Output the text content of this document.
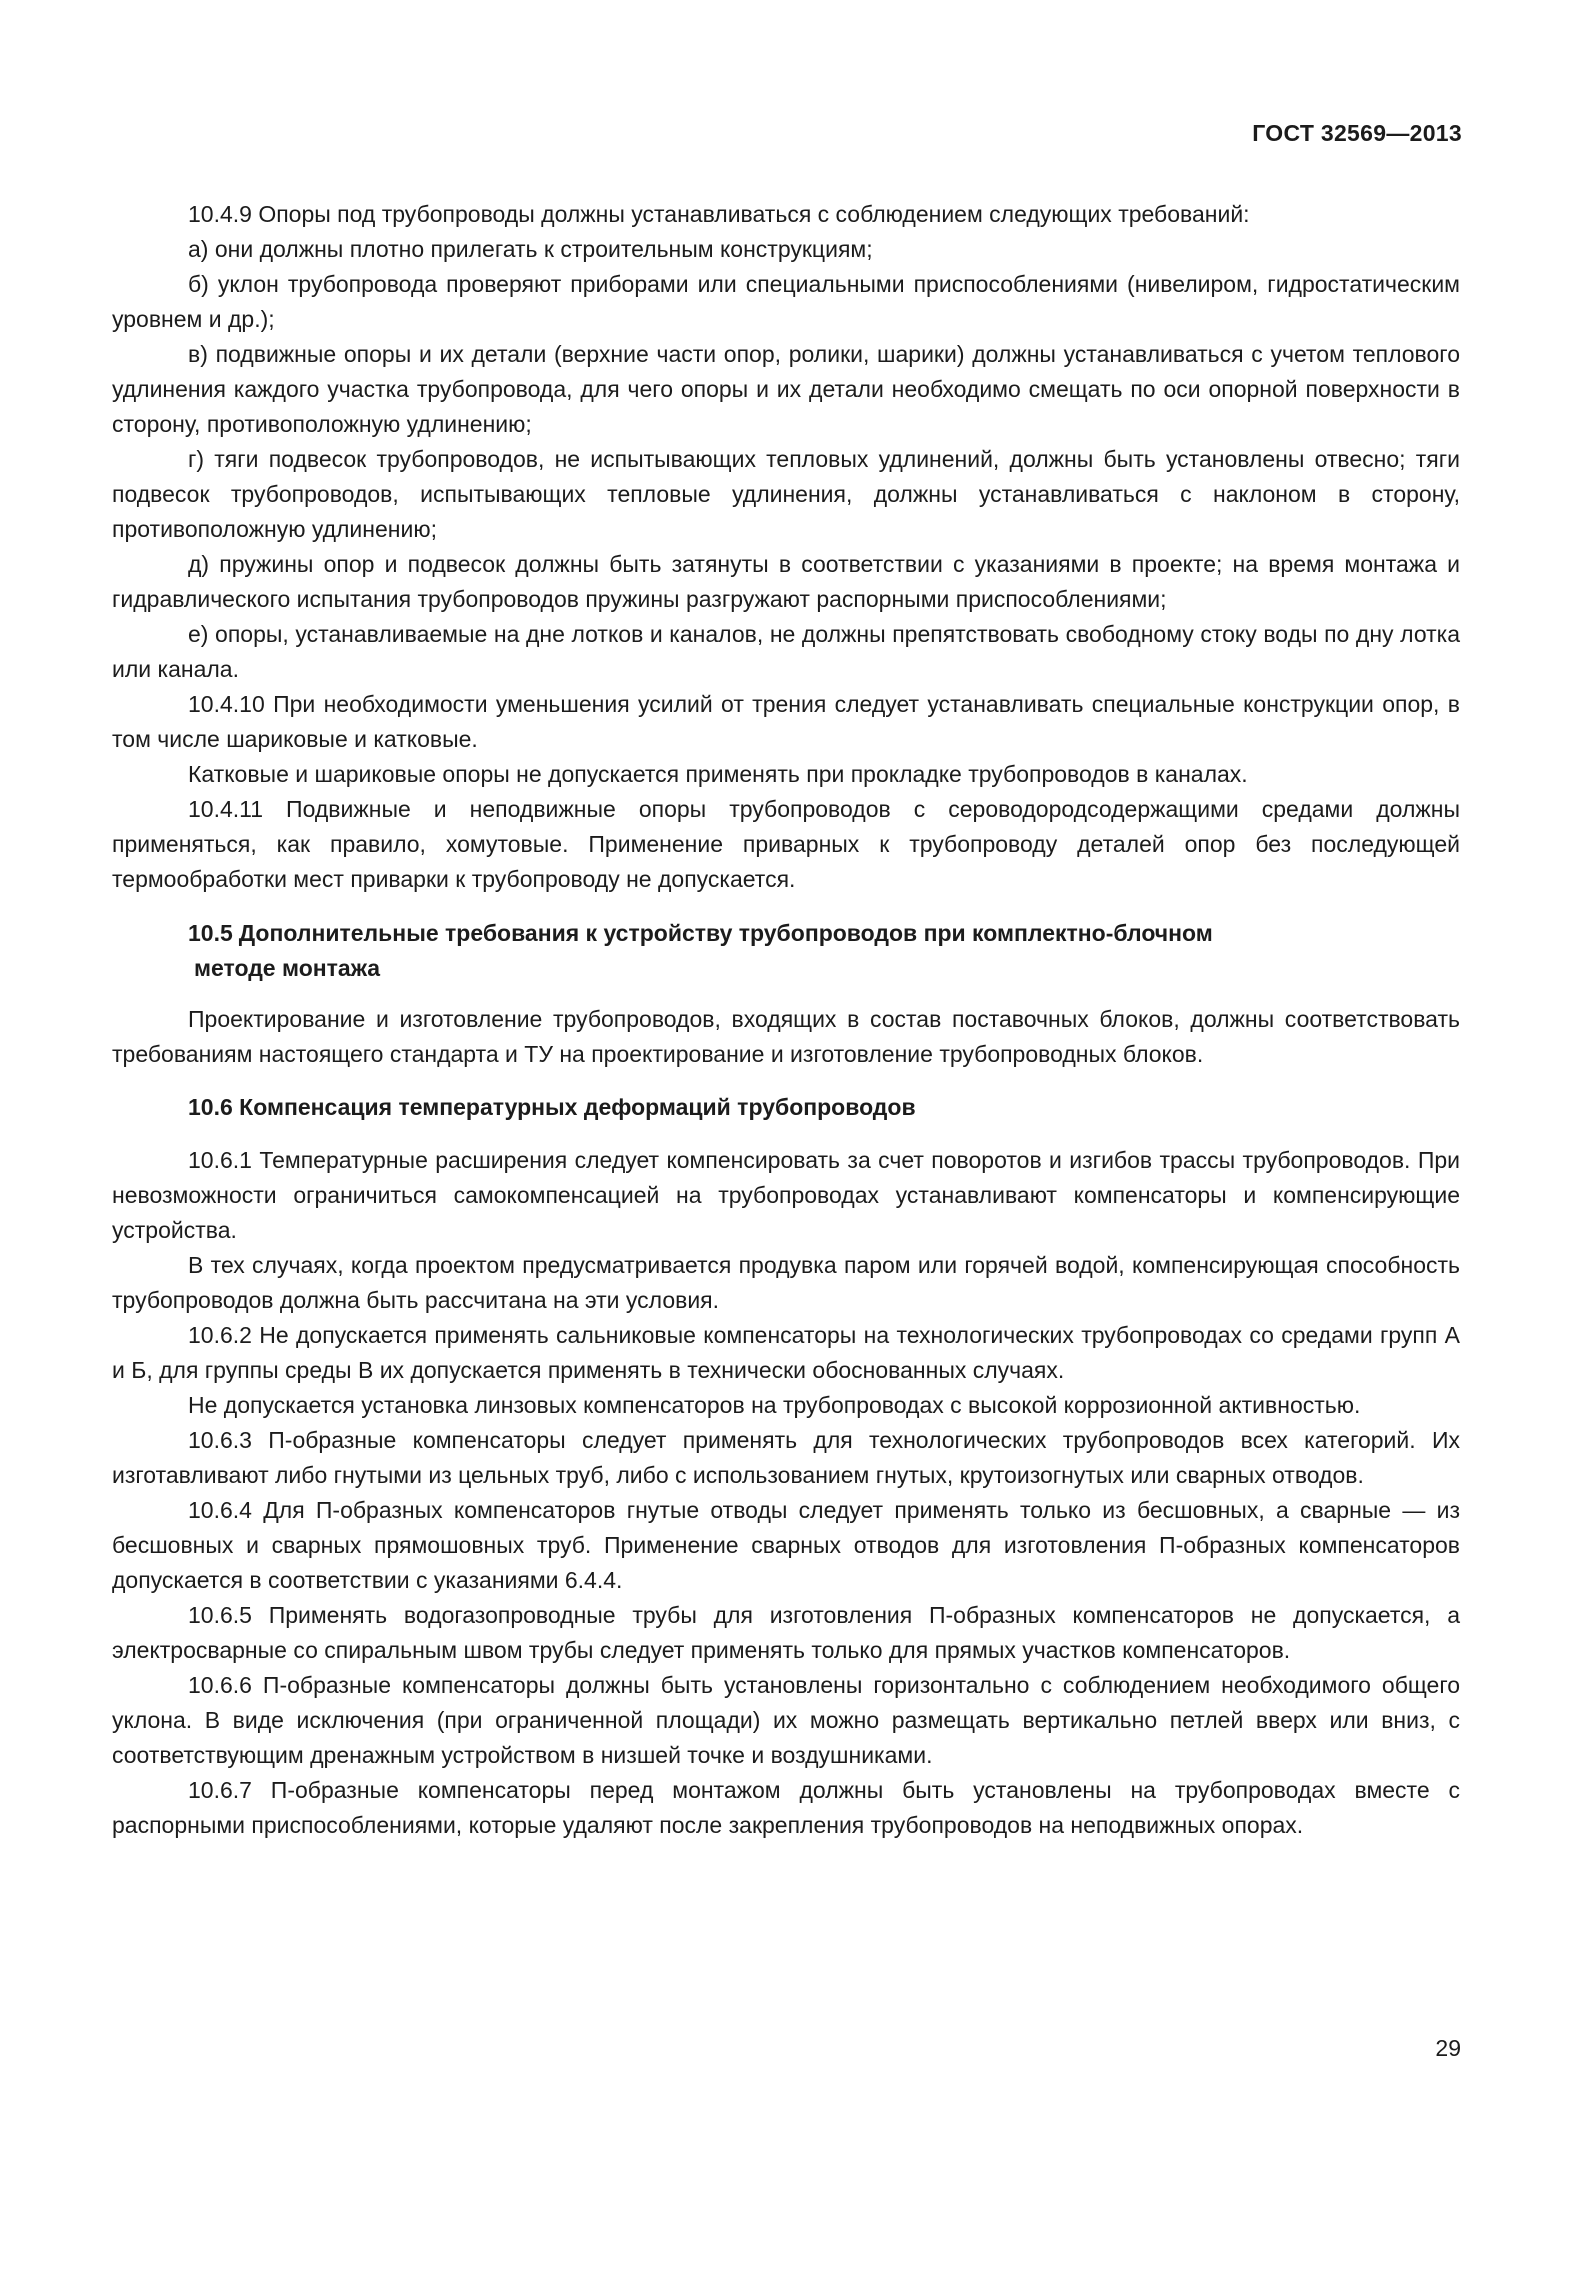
ГОСТ 32569—2013

10.4.9 Опоры под трубопроводы должны устанавливаться с соблюдением следующих требований:

а) они должны плотно прилегать к строительным конструкциям;

б) уклон трубопровода проверяют приборами или специальными приспособлениями (нивелиром, гидростатическим уровнем и др.);

в) подвижные опоры и их детали (верхние части опор, ролики, шарики) должны устанавливаться с учетом теплового удлинения каждого участка трубопровода, для чего опоры и их детали необходимо смещать по оси опорной поверхности в сторону, противоположную удлинению;

г) тяги подвесок трубопроводов, не испытывающих тепловых удлинений, должны быть установлены отвесно; тяги подвесок трубопроводов, испытывающих тепловые удлинения, должны устанавливаться с наклоном в сторону, противоположную удлинению;

д) пружины опор и подвесок должны быть затянуты в соответствии с указаниями в проекте; на время монтажа и гидравлического испытания трубопроводов пружины разгружают распорными приспособлениями;

е) опоры, устанавливаемые на дне лотков и каналов, не должны препятствовать свободному стоку воды по дну лотка или канала.

10.4.10 При необходимости уменьшения усилий от трения следует устанавливать специальные конструкции опор, в том числе шариковые и катковые.

Катковые и шариковые опоры не допускается применять при прокладке трубопроводов в каналах.

10.4.11 Подвижные и неподвижные опоры трубопроводов с сероводородсодержащими средами должны применяться, как правило, хомутовые. Применение приварных к трубопроводу деталей опор без последующей термообработки мест приварки к трубопроводу не допускается.

10.5 Дополнительные требования к устройству трубопроводов при комплектно-блочном
методе монтажа

Проектирование и изготовление трубопроводов, входящих в состав поставочных блоков, должны соответствовать требованиям настоящего стандарта и ТУ на проектирование и изготовление трубопроводных блоков.

10.6 Компенсация температурных деформаций трубопроводов

10.6.1 Температурные расширения следует компенсировать за счет поворотов и изгибов трассы трубопроводов. При невозможности ограничиться самокомпенсацией на трубопроводах устанавливают компенсаторы и компенсирующие устройства.

В тех случаях, когда проектом предусматривается продувка паром или горячей водой, компенсирующая способность трубопроводов должна быть рассчитана на эти условия.

10.6.2 Не допускается применять сальниковые компенсаторы на технологических трубопроводах со средами групп А и Б, для группы среды В их допускается применять в технически обоснованных случаях.

Не допускается установка линзовых компенсаторов на трубопроводах с высокой коррозионной активностью.

10.6.3 П-образные компенсаторы следует применять для технологических трубопроводов всех категорий. Их изготавливают либо гнутыми из цельных труб, либо с использованием гнутых, крутоизогнутых или сварных отводов.

10.6.4 Для П-образных компенсаторов гнутые отводы следует применять только из бесшовных, а сварные — из бесшовных и сварных прямошовных труб. Применение сварных отводов для изготовления П-образных компенсаторов допускается в соответствии с указаниями 6.4.4.

10.6.5 Применять водогазопроводные трубы для изготовления П-образных компенсаторов не допускается, а электросварные со спиральным швом трубы следует применять только для прямых участков компенсаторов.

10.6.6 П-образные компенсаторы должны быть установлены горизонтально с соблюдением необходимого общего уклона. В виде исключения (при ограниченной площади) их можно размещать вертикально петлей вверх или вниз, с соответствующим дренажным устройством в низшей точке и воздушниками.

10.6.7 П-образные компенсаторы перед монтажом должны быть установлены на трубопроводах вместе с распорными приспособлениями, которые удаляют после закрепления трубопроводов на неподвижных опорах.

29
